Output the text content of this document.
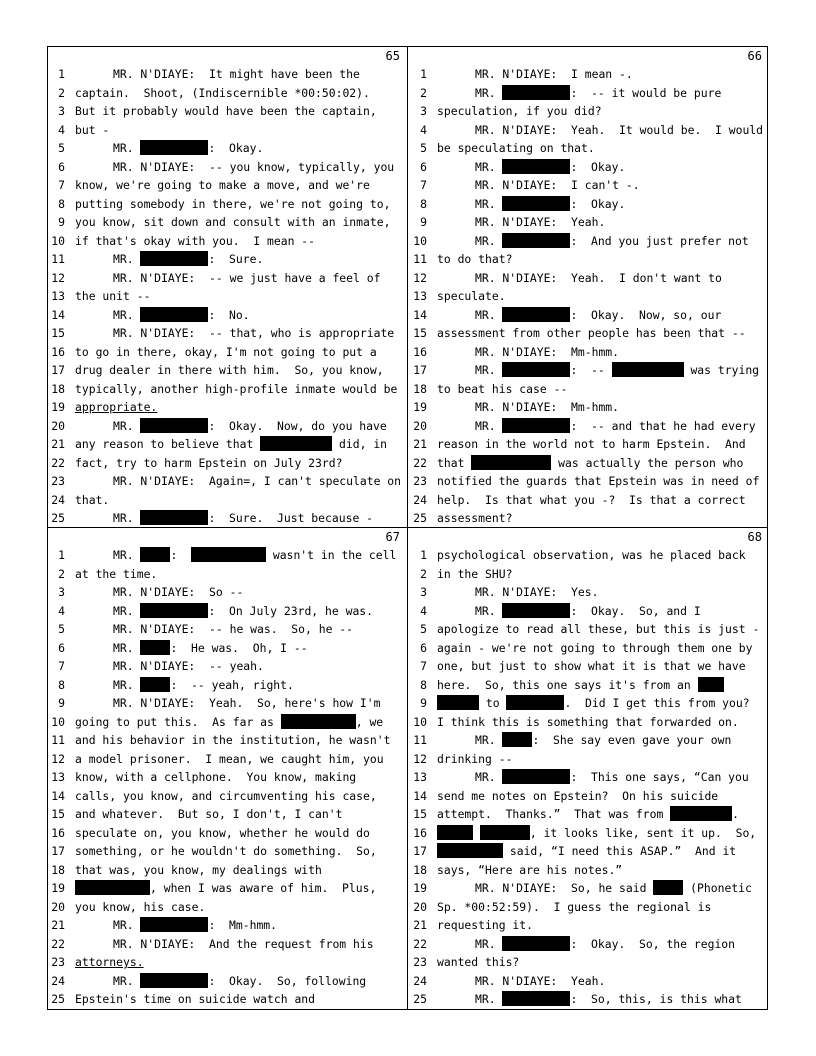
65
1	MR. N'DIAYE:  It might have been the
2 captain.  Shoot, (Indiscernible *00:50:02).
3 But it probably would have been the captain,
4 but -
5	MR.	:  Okay.
6	MR. N'DIAYE:  -- you know, typically, you
7 know, we're going to make a move, and we're
8 putting somebody in there, we're not going to,
9 you know, sit down and consult with an inmate,
10 if that's okay with you.  I mean --
11	MR.	:  Sure.
12	MR. N'DIAYE:  -- we just have a feel of
13 the unit --
14	MR.	:  No.
15	MR. N'DIAYE:  -- that, who is appropriate
16 to go in there, okay, I'm not going to put a
17 drug dealer in there with him.  So, you know,
18 typically, another high-profile inmate would be
19 appropriate.
20	MR.	:  Okay.  Now, do you have
21 any reason to believe that	did, in
22 fact, try to harm Epstein on July 23rd?
23	MR. N'DIAYE:  Again=, I can't speculate on
24 that.
25	MR.	:  Sure.  Just because -
66
1	MR. N'DIAYE:  I mean -.
2	MR.	:  -- it would be pure
3 speculation, if you did?
4	MR. N'DIAYE:  Yeah.  It would be.  I would
5 be speculating on that.
6	MR.	:  Okay.
7	MR. N'DIAYE:  I can't -.
8	MR.	:  Okay.
9	MR. N'DIAYE:  Yeah.
10	MR.	:  And you just prefer not
11 to do that?
12	MR. N'DIAYE:  Yeah.  I don't want to
13 speculate.
14	MR.	:  Okay.  Now, so, our
15 assessment from other people has been that --
16	MR. N'DIAYE:  Mm-hmm.
17	MR.	:  --	was trying
18 to beat his case --
19	MR. N'DIAYE:  Mm-hmm.
20	MR.	:  -- and that he had every
21 reason in the world not to harm Epstein.  And
22 that	was actually the person who
23 notified the guards that Epstein was in need of
24 help.  Is that what you -?  Is that a correct
25 assessment?
67
1	MR.	:	wasn't in the cell
2 at the time.
3	MR. N'DIAYE:  So --
4	MR.	:  On July 23rd, he was.
5	MR. N'DIAYE:  -- he was.  So, he --
6	MR.	:  He was.  Oh, I --
7	MR. N'DIAYE:  -- yeah.
8	MR.	:  -- yeah, right.
9	MR. N'DIAYE:  Yeah.  So, here's how I'm
10 going to put this.  As far as	, we
11 and his behavior in the institution, he wasn't
12 a model prisoner.  I mean, we caught him, you
13 know, with a cellphone.  You know, making
14 calls, you know, and circumventing his case,
15 and whatever.  But so, I don't, I can't
16 speculate on, you know, whether he would do
17 something, or he wouldn't do something.  So,
18 that was, you know, my dealings with
19	, when I was aware of him.  Plus,
20 you know, his case.
21	MR.	:  Mm-hmm.
22	MR. N'DIAYE:  And the request from his
23 attorneys.
24	MR.	:  Okay.  So, following
25 Epstein's time on suicide watch and
68
1 psychological observation, was he placed back
2 in the SHU?
3	MR. N'DIAYE:  Yes.
4	MR.	:  Okay.  So, and I
5 apologize to read all these, but this is just -
6 again - we're not going to through them one by
7 one, but just to show what it is that we have
8 here.  So, this one says it's from an
9	to	.  Did I get this from you?
10 I think this is something that forwarded on.
11	MR.	:  She say even gave your own
12 drinking --
13	MR.	:  This one says, “Can you
14 send me notes on Epstein?  On his suicide
15 attempt.  Thanks.”  That was from	.
16	, it looks like, sent it up.  So,
17	said, “I need this ASAP.”  And it
18 says, “Here are his notes.”
19	MR. N'DIAYE:  So, he said	(Phonetic
20 Sp. *00:52:59).  I guess the regional is
21 requesting it.
22	MR.	:  Okay.  So, the region
23 wanted this?
24	MR. N'DIAYE:  Yeah.
25	MR.	:  So, this, is this what
